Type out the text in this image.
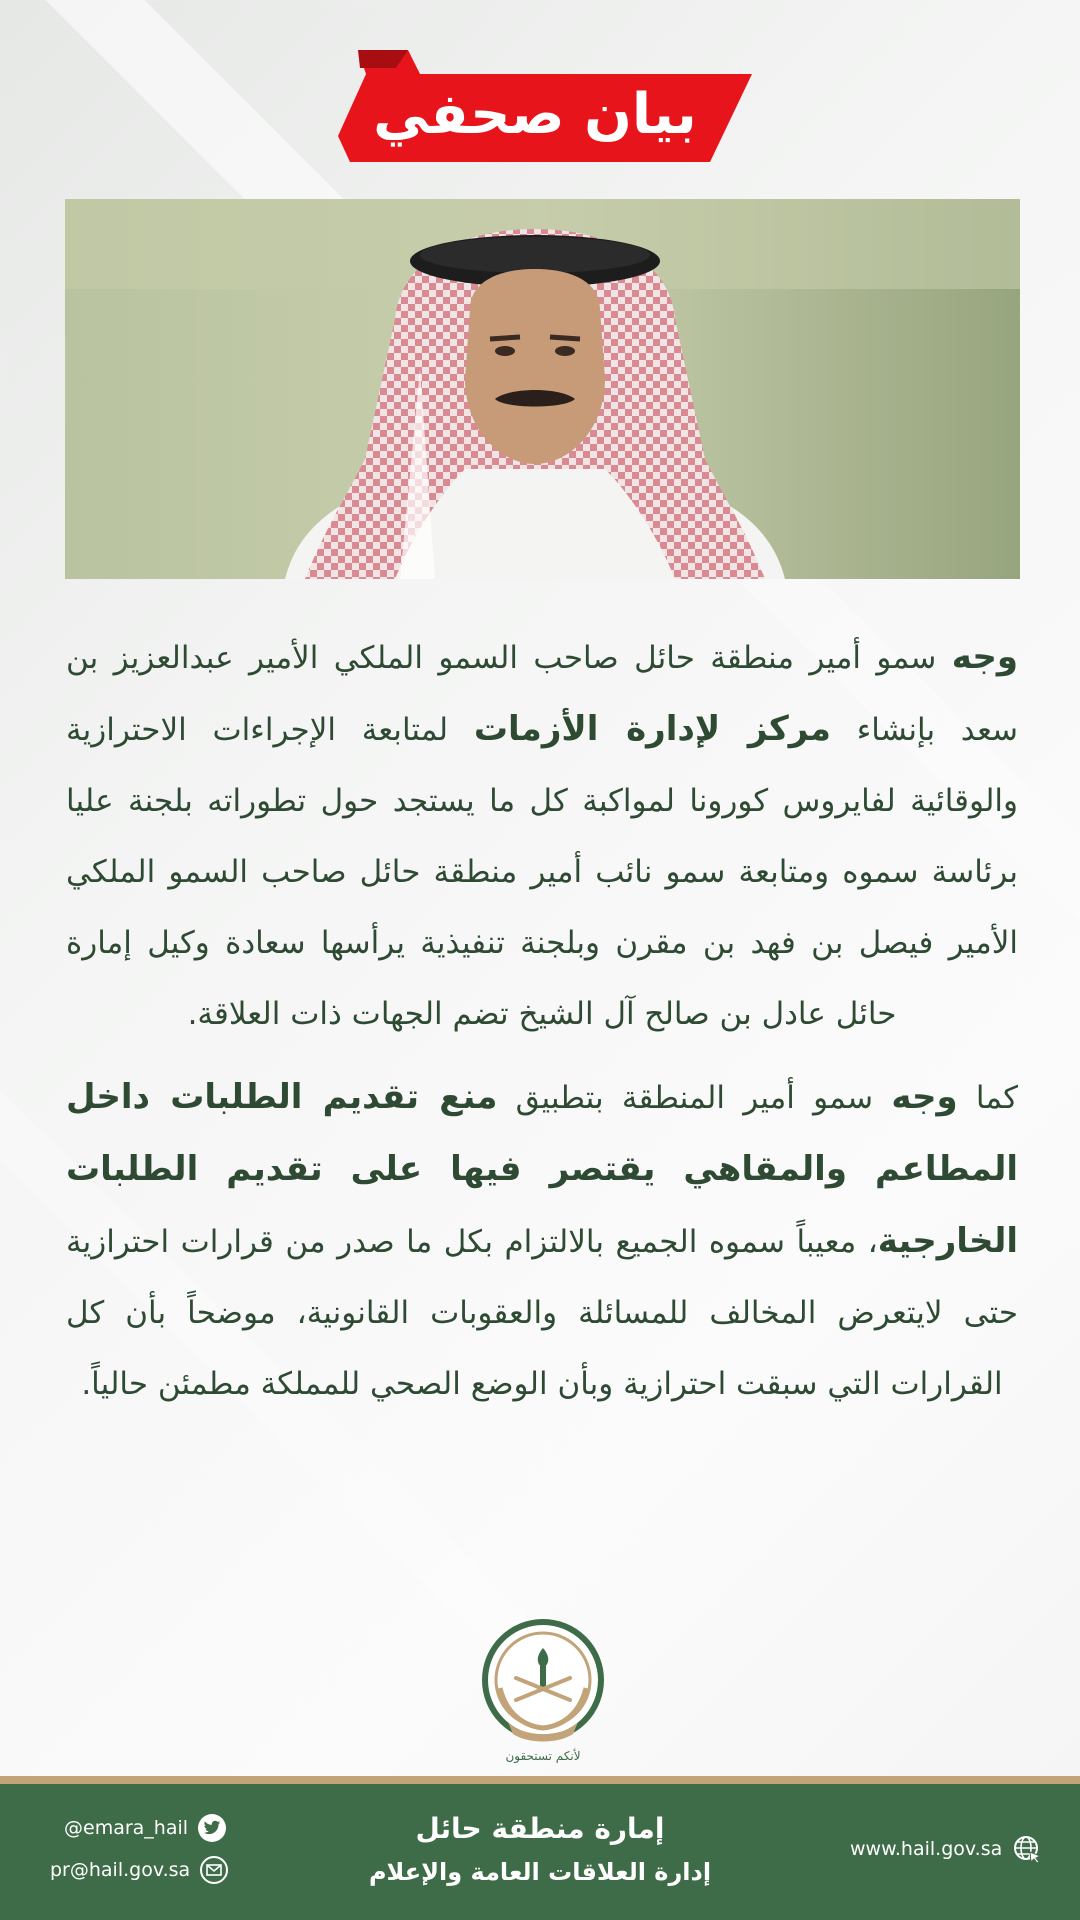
بيان صحفي

وجه سمو أمير منطقة حائل صاحب السمو الملكي الأمير عبدالعزيز بن سعد بإنشاء مركز لإدارة الأزمات لمتابعة الإجراءات الاحترازية والوقائية لفايروس كورونا لمواكبة كل ما يستجد حول تطوراته بلجنة عليا برئاسة سموه ومتابعة سمو نائب أمير منطقة حائل صاحب السمو الملكي الأمير فيصل بن فهد بن مقرن وبلجنة تنفيذية يرأسها سعادة وكيل إمارة حائل عادل بن صالح آل الشيخ تضم الجهات ذات العلاقة.

كما وجه سمو أمير المنطقة بتطبيق منع تقديم الطلبات داخل المطاعم والمقاهي يقتصر فيها على تقديم الطلبات الخارجية، معيباً سموه الجميع بالالتزام بكل ما صدر من قرارات احترازية حتى لايتعرض المخالف للمسائلة والعقوبات القانونية، موضحاً بأن كل القرارات التي سبقت احترازية وبأن الوضع الصحي للمملكة مطمئن حالياً.

لأنكم تستحقون
إمارة منطقة حائل
إدارة العلاقات العامة والإعلام
@emara_hail
pr@hail.gov.sa
www.hail.gov.sa
